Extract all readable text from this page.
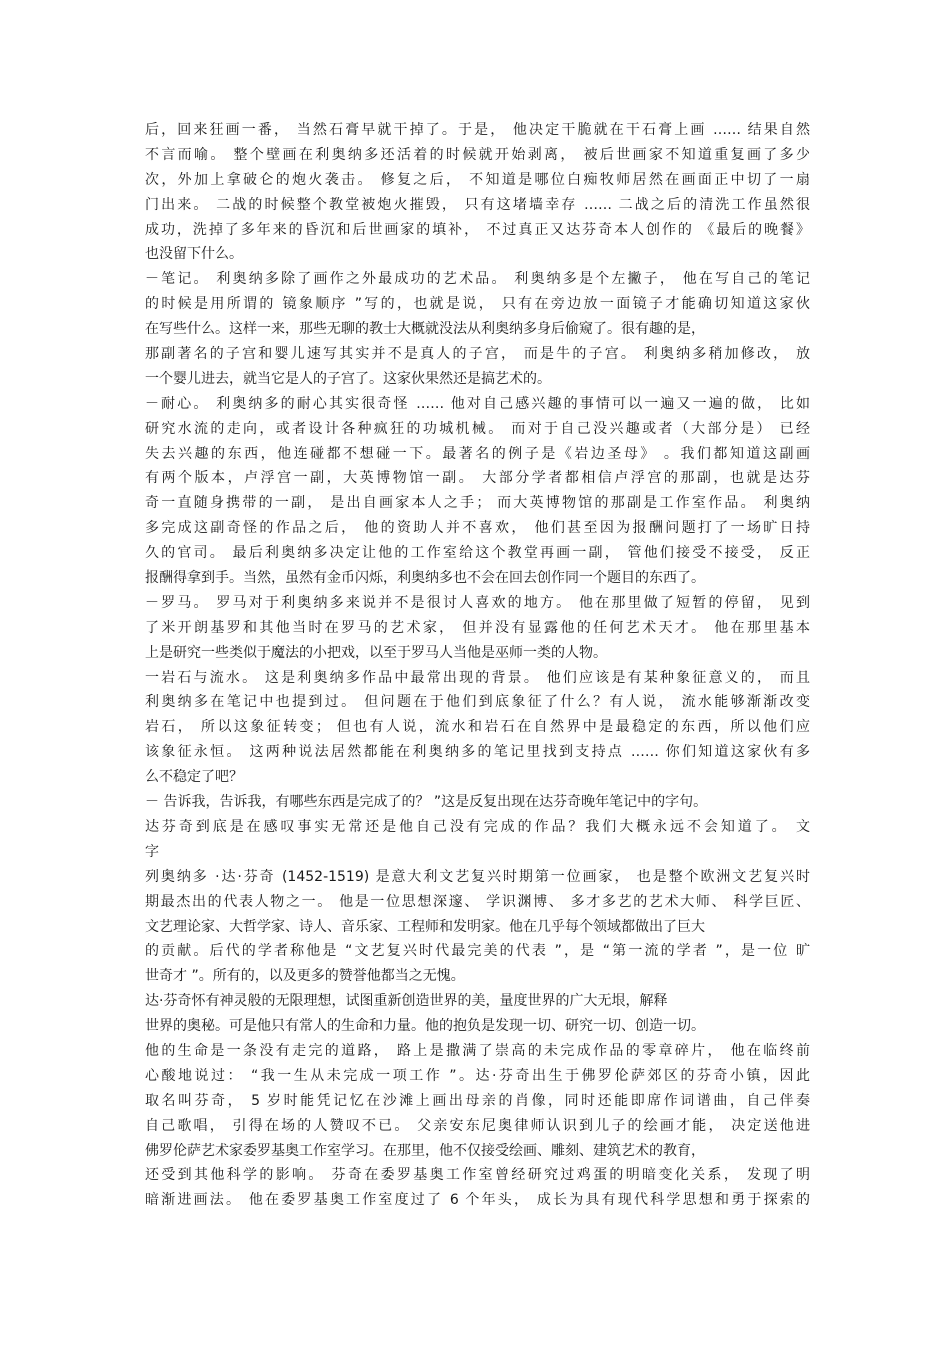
后，回来狂画一番， 当然石膏早就干掉了。于是， 他决定干脆就在干石膏上画 …… 结果自然
不言而喻。 整个壁画在利奥纳多还活着的时候就开始剥离， 被后世画家不知道重复画了多少
次，外加上拿破仑的炮火袭击。 修复之后， 不知道是哪位白痴牧师居然在画面正中切了一扇
门出来。 二战的时候整个教堂被炮火摧毁， 只有这堵墙幸存 …… 二战之后的清洗工作虽然很
成功，洗掉了多年来的昏沉和后世画家的填补， 不过真正又达芬奇本人创作的 《最后的晚餐》
也没留下什么。
－笔记。 利奥纳多除了画作之外最成功的艺术品。 利奥纳多是个左撇子， 他在写自己的笔记
的时候是用所谓的 镜象顺序 ”写的，也就是说， 只有在旁边放一面镜子才能确切知道这家伙
在写些什么。这样一来，那些无聊的教士大概就没法从利奥纳多身后偷窥了。很有趣的是，
那副著名的子宫和婴儿速写其实并不是真人的子宫， 而是牛的子宫。 利奥纳多稍加修改， 放
一个婴儿进去，就当它是人的子宫了。这家伙果然还是搞艺术的。
－耐心。 利奥纳多的耐心其实很奇怪 …… 他对自己感兴趣的事情可以一遍又一遍的做， 比如
研究水流的走向，或者设计各种疯狂的功城机械。 而对于自己没兴趣或者（大部分是） 已经
失去兴趣的东西，他连碰都不想碰一下。最著名的例子是《岩边圣母》 。我们都知道这副画
有两个版本，卢浮宫一副，大英博物馆一副。 大部分学者都相信卢浮宫的那副，也就是达芬
奇一直随身携带的一副， 是出自画家本人之手； 而大英博物馆的那副是工作室作品。 利奥纳
多完成这副奇怪的作品之后， 他的资助人并不喜欢， 他们甚至因为报酬问题打了一场旷日持
久的官司。 最后利奥纳多决定让他的工作室给这个教堂再画一副， 管他们接受不接受， 反正
报酬得拿到手。当然，虽然有金币闪烁，利奥纳多也不会在回去创作同一个题目的东西了。
－罗马。 罗马对于利奥纳多来说并不是很讨人喜欢的地方。 他在那里做了短暂的停留， 见到
了米开朗基罗和其他当时在罗马的艺术家， 但并没有显露他的任何艺术天才。 他在那里基本
上是研究一些类似于魔法的小把戏，以至于罗马人当他是巫师一类的人物。
一岩石与流水。 这是利奥纳多作品中最常出现的背景。 他们应该是有某种象征意义的， 而且
利奥纳多在笔记中也提到过。 但问题在于他们到底象征了什么？有人说， 流水能够渐渐改变
岩石， 所以这象征转变； 但也有人说，流水和岩石在自然界中是最稳定的东西，所以他们应
该象征永恒。 这两种说法居然都能在利奥纳多的笔记里找到支持点 …… 你们知道这家伙有多
么不稳定了吧？
－ 告诉我，告诉我，有哪些东西是完成了的？ ”这是反复出现在达芬奇晚年笔记中的字句。
达芬奇到底是在感叹事实无常还是他自己没有完成的作品？我们大概永远不会知道了。 文
字
列奥纳多 ·达·芬奇 (1452-1519) 是意大利文艺复兴时期第一位画家， 也是整个欧洲文艺复兴时
期最杰出的代表人物之一。 他是一位思想深邃、 学识渊博、 多才多艺的艺术大师、 科学巨匠、
文艺理论家、大哲学家、诗人、音乐家、工程师和发明家。他在几乎每个领域都做出了巨大
的贡献。后代的学者称他是 “文艺复兴时代最完美的代表 ”，是 “第一流的学者 ”，是一位 旷
世奇才 ”。所有的，以及更多的赞誉他都当之无愧。
达·芬奇怀有神灵般的无限理想，试图重新创造世界的美，量度世界的广大无垠，解释
世界的奥秘。可是他只有常人的生命和力量。他的抱负是发现一切、研究一切、创造一切。
他的生命是一条没有走完的道路， 路上是撒满了崇高的未完成作品的零章碎片， 他在临终前
心酸地说过： “我一生从未完成一项工作 ”。达·芬奇出生于佛罗伦萨郊区的芬奇小镇，因此
取名叫芬奇， 5 岁时能凭记忆在沙滩上画出母亲的肖像，同时还能即席作词谱曲，自己伴奏
自己歌唱， 引得在场的人赞叹不已。 父亲安东尼奥律师认识到儿子的绘画才能， 决定送他进
佛罗伦萨艺术家委罗基奥工作室学习。在那里，他不仅接受绘画、雕刻、建筑艺术的教育，
还受到其他科学的影响。 芬奇在委罗基奥工作室曾经研究过鸡蛋的明暗变化关系， 发现了明
暗渐进画法。 他在委罗基奥工作室度过了 6 个年头， 成长为具有现代科学思想和勇于探索的
